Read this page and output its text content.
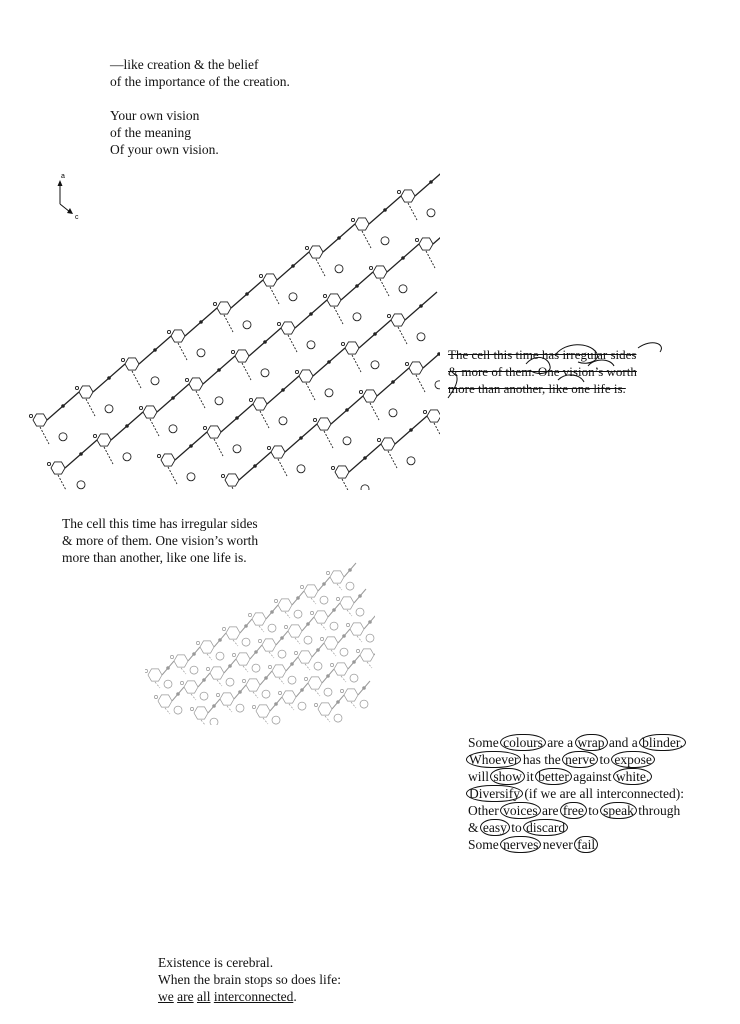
—like creation & the belief
of the importance of the creation.
Your own vision
of the meaning
Of your own vision.
a
c
The cell this time has irregular sides
& more of them. One vision’s worth
more than another, like one life is.
The cell this time has irregular sides
& more of them. One vision’s worth
more than another, like one life is.
Some colours are a wrap and a blinder.
Whoever has the nerve to expose
will show it better against white.
Diversify (if we are all interconnected):
Other voices are free to speak through
& easy to discard
Some nerves never fail
Existence is cerebral.
When the brain stops so does life:
we are all interconnected.
